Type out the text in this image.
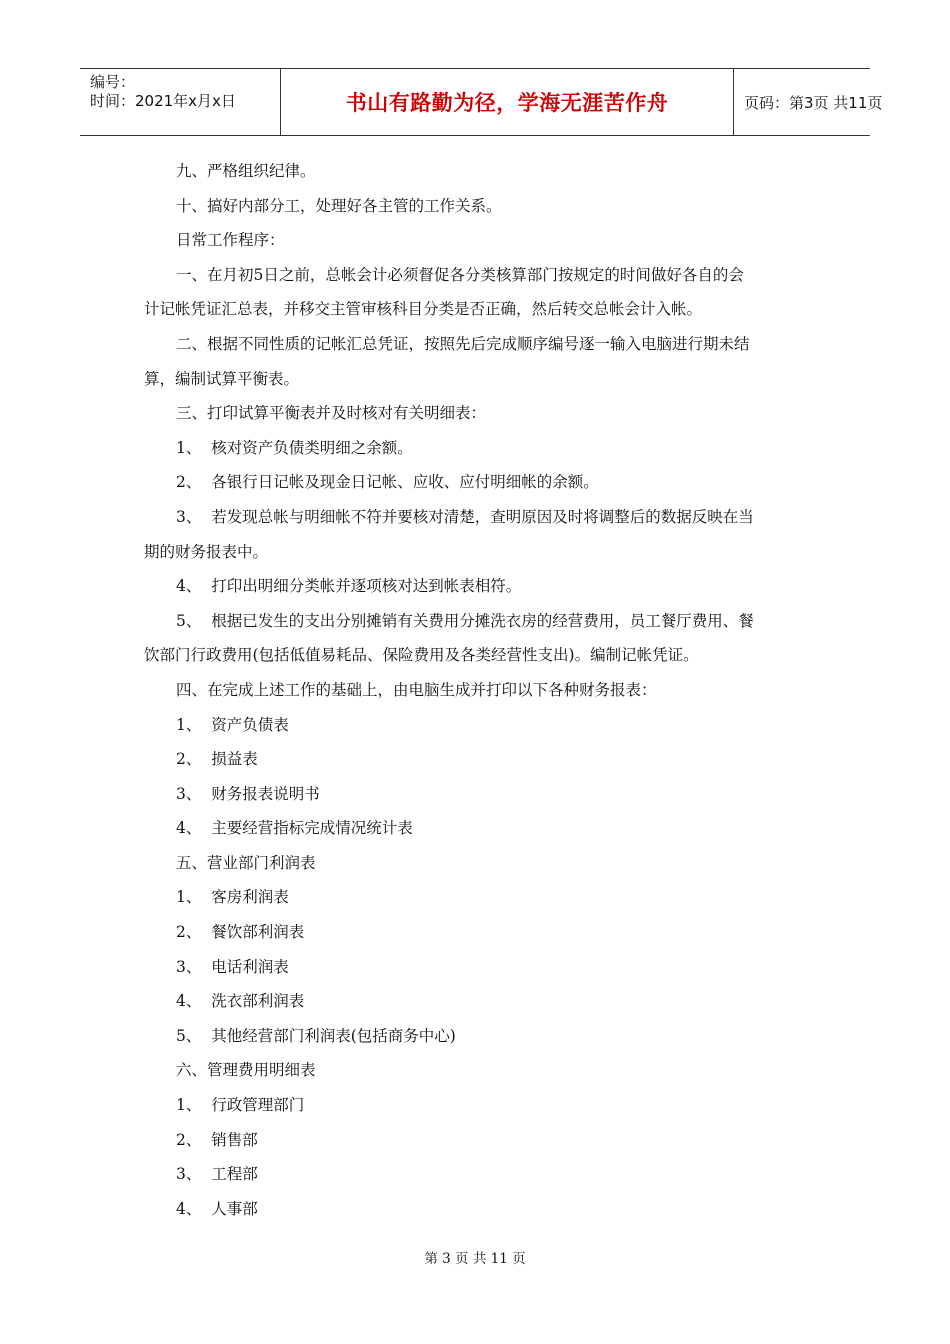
编号：
时间：2021年x月x日	书山有路勤为径，学海无涯苦作舟	页码：第3页 共11页

九、严格组织纪律。

十、搞好内部分工，处理好各主管的工作关系。

日常工作程序：

一、在月初5日之前，总帐会计必须督促各分类核算部门按规定的时间做好各自的会

计记帐凭证汇总表，并移交主管审核科目分类是否正确，然后转交总帐会计入帐。

二、根据不同性质的记帐汇总凭证，按照先后完成顺序编号逐一输入电脑进行期未结

算，编制试算平衡表。

三、打印试算平衡表并及时核对有关明细表：

1、  核对资产负债类明细之余额。

2、  各银行日记帐及现金日记帐、应收、应付明细帐的余额。

3、  若发现总帐与明细帐不符并要核对清楚，查明原因及时将调整后的数据反映在当

期的财务报表中。

4、  打印出明细分类帐并逐项核对达到帐表相符。

5、  根据已发生的支出分别摊销有关费用分摊洗衣房的经营费用，员工餐厅费用、餐

饮部门行政费用(包括低值易耗品、保险费用及各类经营性支出)。编制记帐凭证。

四、在完成上述工作的基础上，由电脑生成并打印以下各种财务报表：

1、  资产负债表

2、  损益表

3、  财务报表说明书

4、  主要经营指标完成情况统计表

五、营业部门利润表

1、  客房利润表

2、  餐饮部利润表

3、  电话利润表

4、  洗衣部利润表

5、  其他经营部门利润表(包括商务中心)

六、管理费用明细表

1、  行政管理部门

2、  销售部

3、  工程部

4、  人事部

第 3 页 共 11 页
